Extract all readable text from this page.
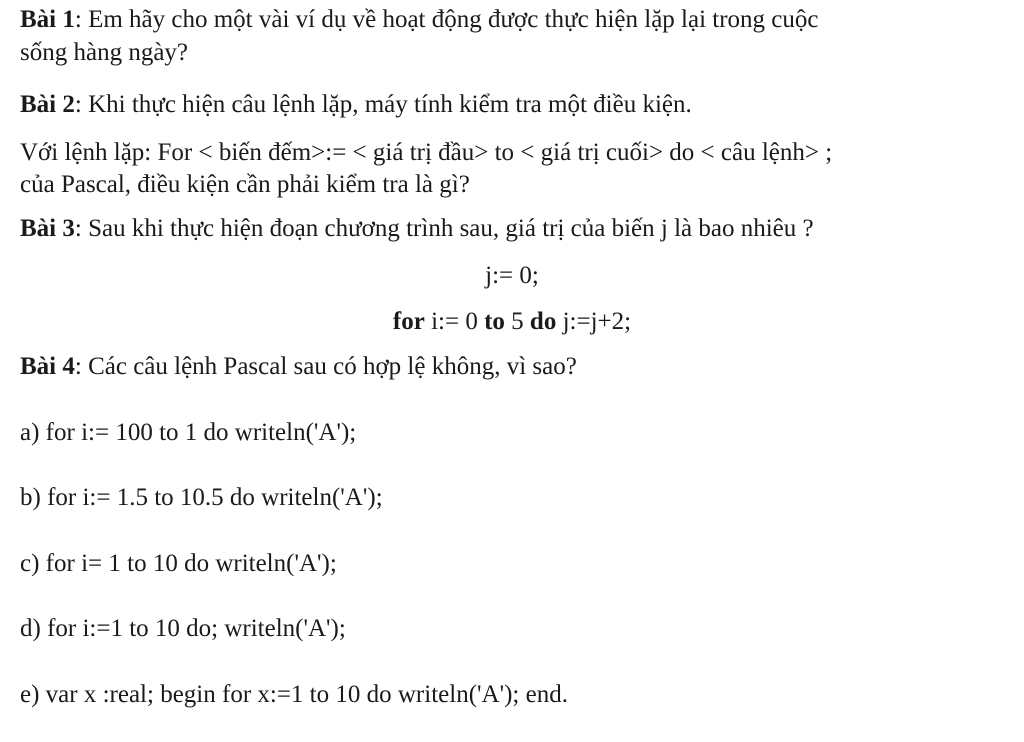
Bài 1: Em hãy cho một vài ví dụ về hoạt động được thực hiện lặp lại trong cuộc
sống hàng ngày?
Bài 2: Khi thực hiện câu lệnh lặp, máy tính kiểm tra một điều kiện.
Với lệnh lặp: For < biến đếm>:= < giá trị đầu> to < giá trị cuối> do < câu lệnh> ;
của Pascal, điều kiện cần phải kiểm tra là gì?
Bài 3: Sau khi thực hiện đoạn chương trình sau, giá trị của biến j là bao nhiêu ?
j:= 0;
for i:= 0 to 5 do j:=j+2;
Bài 4: Các câu lệnh Pascal sau có hợp lệ không, vì sao?
a) for i:= 100 to 1 do writeln('A');
b) for i:= 1.5 to 10.5 do writeln('A');
c) for i= 1 to 10 do writeln('A');
d) for i:=1 to 10 do; writeln('A');
e) var x :real; begin for x:=1 to 10 do writeln('A'); end.
